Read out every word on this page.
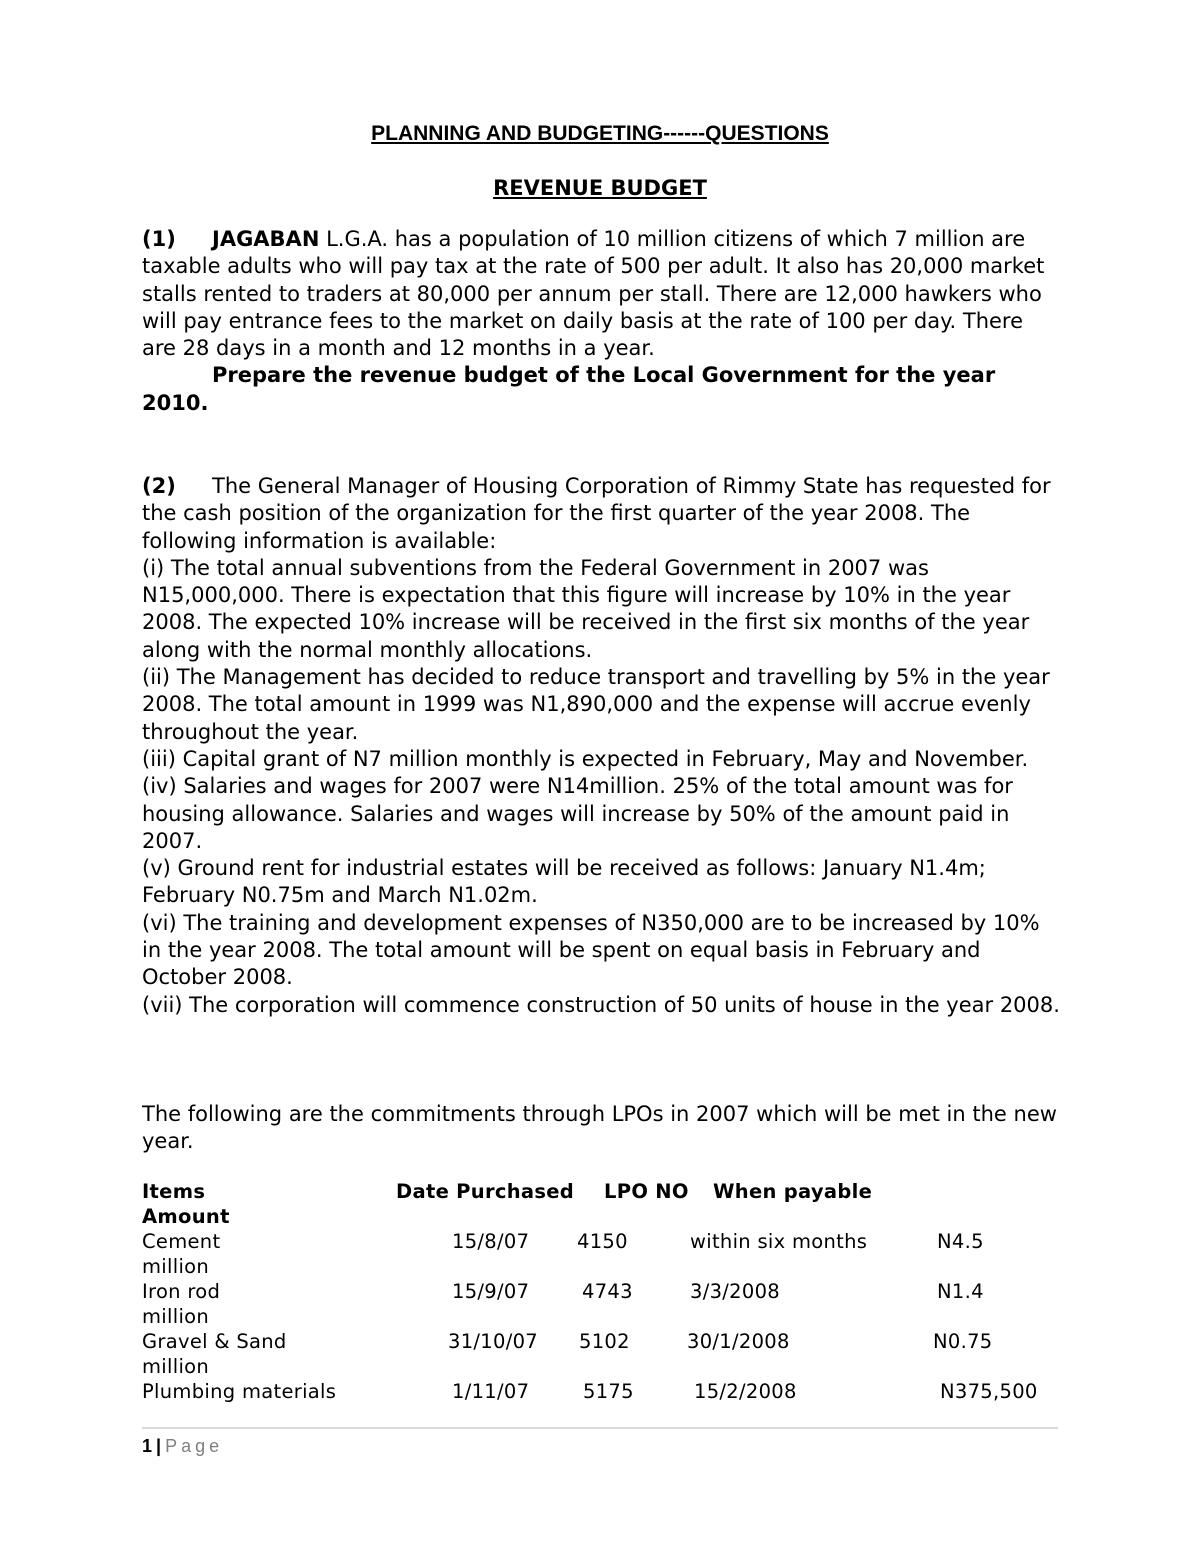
PLANNING AND BUDGETING------QUESTIONS
REVENUE BUDGET
(1) JAGABAN L.G.A. has a population of 10 million citizens of which 7 million are taxable adults who will pay tax at the rate of 500 per adult. It also has 20,000 market stalls rented to traders at 80,000 per annum per stall. There are 12,000 hawkers who will pay entrance fees to the market on daily basis at the rate of 100 per day. There are 28 days in a month and 12 months in a year.
Prepare the revenue budget of the Local Government for the year 2010.
(2) The General Manager of Housing Corporation of Rimmy State has requested for the cash position of the organization for the first quarter of the year 2008. The following information is available:
(i) The total annual subventions from the Federal Government in 2007 was N15,000,000. There is expectation that this figure will increase by 10% in the year 2008. The expected 10% increase will be received in the first six months of the year along with the normal monthly allocations.
(ii) The Management has decided to reduce transport and travelling by 5% in the year 2008. The total amount in 1999 was N1,890,000 and the expense will accrue evenly throughout the year.
(iii) Capital grant of N7 million monthly is expected in February, May and November.
(iv) Salaries and wages for 2007 were N14million. 25% of the total amount was for housing allowance. Salaries and wages will increase by 50% of the amount paid in 2007.
(v) Ground rent for industrial estates will be received as follows: January N1.4m; February N0.75m and March N1.02m.
(vi) The training and development expenses of N350,000 are to be increased by 10% in the year 2008. The total amount will be spent on equal basis in February and October 2008.
(vii) The corporation will commence construction of 50 units of house in the year 2008.
The following are the commitments through LPOs in 2007 which will be met in the new year.
Items	Date Purchased LPO NO When payable
Amount
Cement	15/8/07 4150	within six months	N4.5
million
Iron rod	15/9/07	4743	3/3/2008	N1.4
million
Gravel & Sand	31/10/07 5102	30/1/2008	N0.75
million
Plumbing materials	1/11/07	5175	15/2/2008	N375,500
1 | Page
